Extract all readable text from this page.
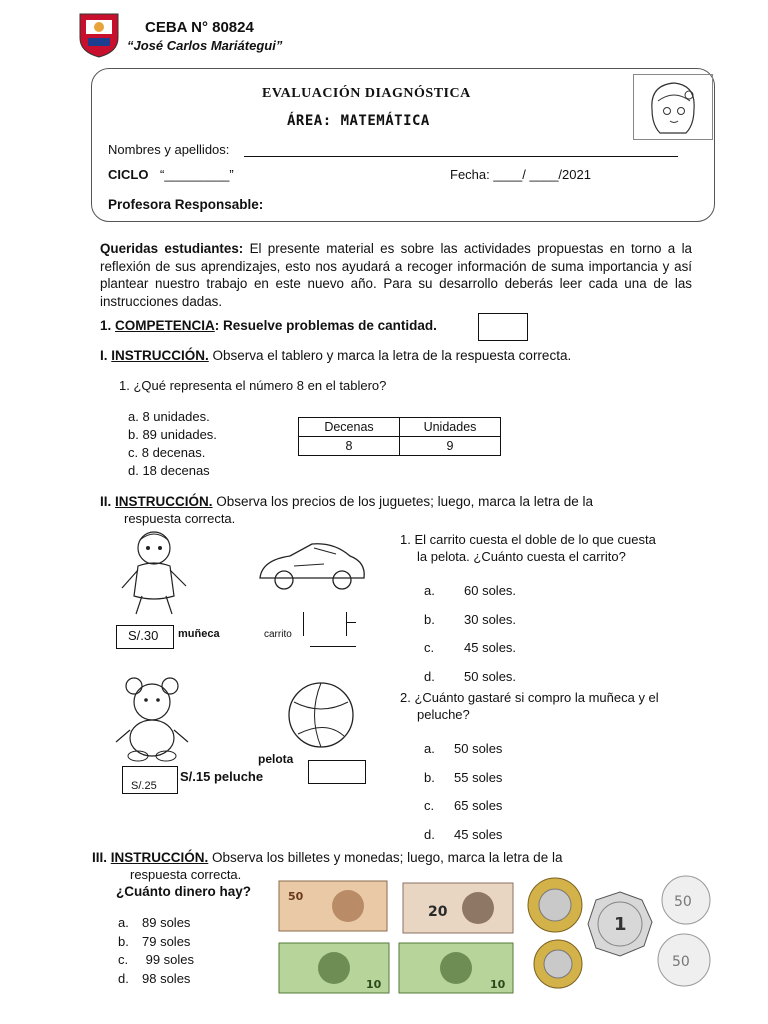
CEBA N° 80824
“José Carlos Mariátegui”
EVALUACIÓN DIAGNÓSTICA
ÁREA: MATEMÁTICA
Nombres y apellidos:
CICLO “_________”	Fecha: ____/ ____/2021
Profesora Responsable:
Queridas estudiantes: El presente material es sobre las actividades propuestas en torno a la reflexión de sus aprendizajes, esto nos ayudará a recoger información de suma importancia y así plantear nuestro trabajo en este nuevo año. Para su desarrollo deberás leer cada una de las instrucciones dadas.
1. COMPETENCIA: Resuelve problemas de cantidad.
I. INSTRUCCIÓN. Observa el tablero y marca la letra de la respuesta correcta.
1. ¿Qué representa el número 8 en el tablero?
a. 8 unidades.
b. 89 unidades.
c. 8 decenas.
d. 18 decenas
Decenas	Unidades
8	9
II. INSTRUCCIÓN. Observa los precios de los juguetes; luego, marca la letra de la
respuesta correcta.
S/.30 muñeca	carrito
S/.25
S/.15 peluche
pelota
1. El carrito cuesta el doble de lo que cuesta
la pelota. ¿Cuánto cuesta el carrito?
a. 60 soles.
b. 30 soles.
c. 45 soles.
d. 50 soles.
2. ¿Cuánto gastaré si compro la muñeca y el
peluche?
a. 50 soles
b. 55 soles
c. 65 soles
d. 45 soles
III. INSTRUCCIÓN. Observa los billetes y monedas; luego, marca la letra de la
respuesta correcta.
¿Cuánto dinero hay?
a. 89 soles
b. 79 soles
c. 99 soles
d. 98 soles
50
20
10	10
1
50
50
